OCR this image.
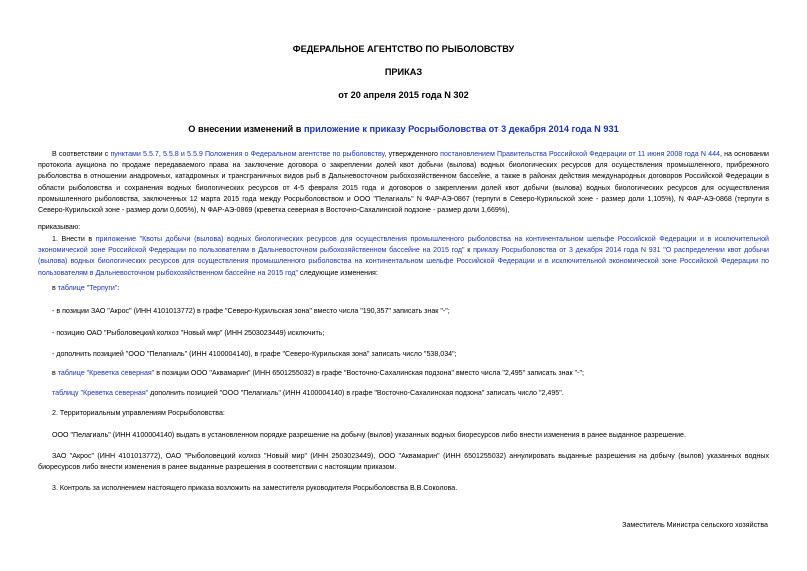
ФЕДЕРАЛЬНОЕ АГЕНТСТВО ПО РЫБОЛОВСТВУ
ПРИКАЗ
от 20 апреля 2015 года N 302
О внесении изменений в приложение к приказу Росрыболовства от 3 декабря 2014 года N 931
В соответствии с пунктами 5.5.7, 5.5.8 и 5.5.9 Положения о Федеральном агентстве по рыболовству, утвержденного постановлением Правительства Российской Федерации от 11 июня 2008 года N 444, на основании протокола аукциона по продаже передаваемого права на заключение договора о закреплении долей квот добычи (вылова) водных биологических ресурсов для осуществления промышленного, прибрежного рыболовства в отношении анадромных, катадромных и трансграничных видов рыб в Дальневосточном рыбохозяйственном бассейне, а также в районах действия международных договоров Российской Федерации в области рыболовства и сохранения водных биологических ресурсов от 4-5 февраля 2015 года и договоров о закреплении долей квот добычи (вылова) водных биологических ресурсов для осуществления промышленного рыболовства, заключенных 12 марта 2015 года между Росрыболовством и ООО "Пелагиаль" N ФАР-АЭ-0867 (терпуги в Северо-Курильской зоне - размер доли 1,105%), N ФАР-АЭ-0868 (терпуги в Северо-Курильской зоне - размер доли 0,605%), N ФАР-АЭ-0869 (креветка северная в Восточно-Сахалинской подзоне - размер доли 1,669%),
приказываю:
1. Внести в приложение "Квоты добычи (вылова) водных биологических ресурсов для осуществления промышленного рыболовства на континентальном шельфе Российской Федерации и в исключительной экономической зоне Российской Федерации по пользователям в Дальневосточном рыбохозяйственном бассейне на 2015 год" к приказу Росрыболовства от 3 декабря 2014 года N 931 "О распределении квот добычи (вылова) водных биологических ресурсов для осуществления промышленного рыболовства на континентальном шельфе Российской Федерации и в исключительной экономической зоне Российской Федерации по пользователям в Дальневосточном рыбохозяйственном бассейне на 2015 год" следующие изменения:
в таблице "Терпуги":
- в позиции ЗАО "Акрос" (ИНН 4101013772) в графе "Северо-Курильская зона" вместо числа "190,357" записать знак "-";
- позицию ОАО "Рыболовецкий колхоз "Новый мир" (ИНН 2503023449) исключить;
- дополнить позицией "ООО "Пелагиаль" (ИНН 4100004140), в графе "Северо-Курильская зона" записать число "538,034";
в таблице "Креветка северная" в позиции ООО "Аквамарин" (ИНН 6501255032) в графе "Восточно-Сахалинская подзона" вместо числа "2,495" записать знак "-";
таблицу "Креветка северная" дополнить позицией "ООО "Пелагиаль" (ИНН 4100004140) в графе "Восточно-Сахалинская подзона" записать число "2,495".
2. Территориальным управлениям Росрыболовства:
ООО "Пелагиаль" (ИНН 4100004140) выдать в установленном порядке разрешение на добычу (вылов) указанных водных биоресурсов либо внести изменения в ранее выданное разрешение.
ЗАО "Акрос" (ИНН 4101013772), ОАО "Рыболовецкий колхоз "Новый мир" (ИНН 2503023449), ООО "Аквамарин" (ИНН 6501255032) аннулировать выданные разрешения на добычу (вылов) указанных водных биоресурсов либо внести изменения в ранее выданные разрешения в соответствии с настоящим приказом.
3. Контроль за исполнением настоящего приказа возложить на заместителя руководителя Росрыболовства В.В.Соколова.
Заместитель Министра сельского хозяйства
